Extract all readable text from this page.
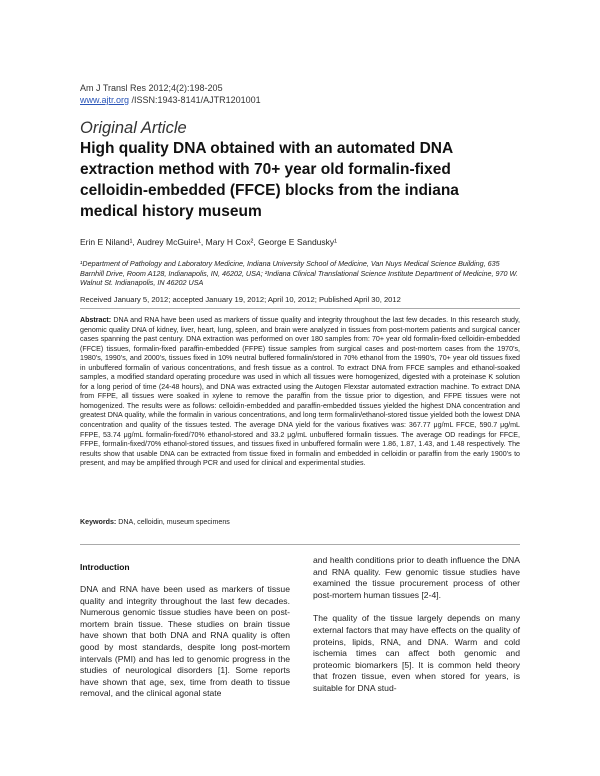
Am J Transl Res 2012;4(2):198-205
www.ajtr.org /ISSN:1943-8141/AJTR1201001
Original Article
High quality DNA obtained with an automated DNA extraction method with 70+ year old formalin-fixed celloidin-embedded (FFCE) blocks from the indiana medical history museum
Erin E Niland¹, Audrey McGuire¹, Mary H Cox², George E Sandusky¹
¹Department of Pathology and Laboratory Medicine, Indiana University School of Medicine, Van Nuys Medical Science Building, 635 Barnhill Drive, Room A128, Indianapolis, IN, 46202, USA; ²Indiana Clinical Translational Science Institute Department of Medicine, 970 W. Walnut St. Indianapolis, IN 46202 USA
Received January 5, 2012; accepted January 19, 2012; April 10, 2012; Published April 30, 2012
Abstract: DNA and RNA have been used as markers of tissue quality and integrity throughout the last few decades. In this research study, genomic quality DNA of kidney, liver, heart, lung, spleen, and brain were analyzed in tissues from post-mortem patients and surgical cancer cases spanning the past century. DNA extraction was performed on over 180 samples from: 70+ year old formalin-fixed celloidin-embedded (FFCE) tissues, formalin-fixed paraffin-embedded (FFPE) tissue samples from surgical cases and post-mortem cases from the 1970’s, 1980’s, 1990’s, and 2000’s, tissues fixed in 10% neutral buffered formalin/stored in 70% ethanol from the 1990’s, 70+ year old tissues fixed in unbuffered formalin of various concentrations, and fresh tissue as a control. To extract DNA from FFCE samples and ethanol-soaked samples, a modified standard operating procedure was used in which all tissues were homogenized, digested with a proteinase K solution for a long period of time (24-48 hours), and DNA was extracted using the Autogen Flexstar automated extraction machine. To extract DNA from FFPE, all tissues were soaked in xylene to remove the paraffin from the tissue prior to digestion, and FFPE tissues were not homogenized. The results were as follows: celloidin-embedded and paraffin-embedded tissues yielded the highest DNA concentration and greatest DNA quality, while the formalin in various concentrations, and long term formalin/ethanol-stored tissue yielded both the lowest DNA concentration and quality of the tissues tested. The average DNA yield for the various fixatives was: 367.77 μg/mL FFCE, 590.7 μg/mL FFPE, 53.74 μg/mL formalin-fixed/70% ethanol-stored and 33.2 μg/mL unbuffered formalin tissues. The average OD readings for FFCE, FFPE, formalin-fixed/70% ethanol-stored tissues, and tissues fixed in unbuffered formalin were 1.86, 1.87, 1.43, and 1.48 respectively. The results show that usable DNA can be extracted from tissue fixed in formalin and embedded in celloidin or paraffin from the early 1900’s to present, and may be amplified through PCR and used for clinical and experimental studies.
Keywords: DNA, celloidin, museum specimens
Introduction

DNA and RNA have been used as markers of tissue quality and integrity throughout the last few decades. Numerous genomic tissue studies have been on post-mortem brain tissue. These studies on brain tissue have shown that both DNA and RNA quality is often good by most standards, despite long post-mortem intervals (PMI) and has led to genomic progress in the studies of neurological disorders [1]. Some reports have shown that age, sex, time from death to tissue removal, and the clinical agonal state

and health conditions prior to death influence the DNA and RNA quality. Few genomic tissue studies have examined the tissue procurement process of other post-mortem human tissues [2-4].

The quality of the tissue largely depends on many external factors that may have effects on the quality of proteins, lipids, RNA, and DNA. Warm and cold ischemia times can affect both genomic and proteomic biomarkers [5]. It is common held theory that frozen tissue, even when stored for years, is suitable for DNA stud-
